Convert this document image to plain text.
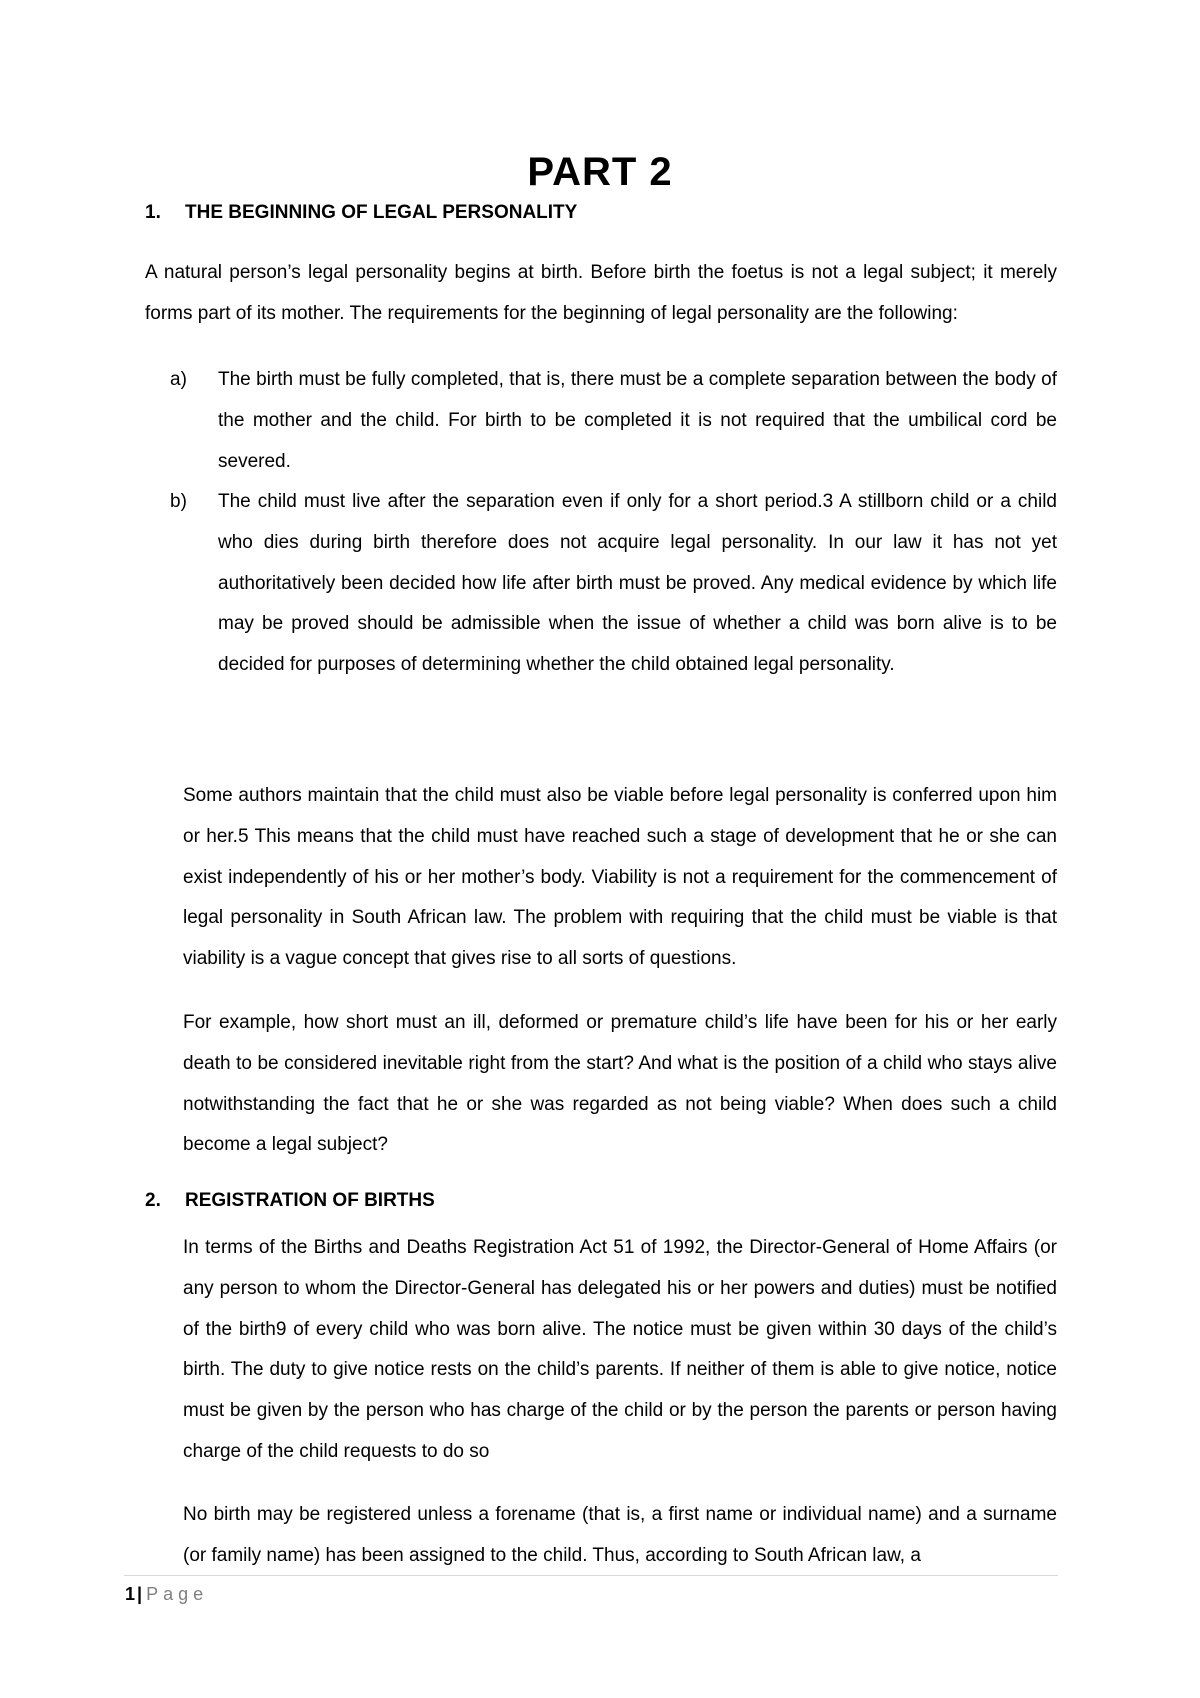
PART 2
1. THE BEGINNING OF LEGAL PERSONALITY

A natural person’s legal personality begins at birth. Before birth the foetus is not a legal subject; it merely forms part of its mother. The requirements for the beginning of legal personality are the following:

a) The birth must be fully completed, that is, there must be a complete separation between the body of the mother and the child. For birth to be completed it is not required that the umbilical cord be severed.

b) The child must live after the separation even if only for a short period.3 A stillborn child or a child who dies during birth therefore does not acquire legal personality. In our law it has not yet authoritatively been decided how life after birth must be proved. Any medical evidence by which life may be proved should be admissible when the issue of whether a child was born alive is to be decided for purposes of determining whether the child obtained legal personality.

Some authors maintain that the child must also be viable before legal personality is conferred upon him or her.5 This means that the child must have reached such a stage of development that he or she can exist independently of his or her mother’s body. Viability is not a requirement for the commencement of legal personality in South African law. The problem with requiring that the child must be viable is that viability is a vague concept that gives rise to all sorts of questions.

For example, how short must an ill, deformed or premature child’s life have been for his or her early death to be considered inevitable right from the start? And what is the position of a child who stays alive notwithstanding the fact that he or she was regarded as not being viable? When does such a child become a legal subject?

2. REGISTRATION OF BIRTHS

In terms of the Births and Deaths Registration Act 51 of 1992, the Director-General of Home Affairs (or any person to whom the Director-General has delegated his or her powers and duties) must be notified of the birth9 of every child who was born alive. The notice must be given within 30 days of the child’s birth. The duty to give notice rests on the child’s parents. If neither of them is able to give notice, notice must be given by the person who has charge of the child or by the person the parents or person having charge of the child requests to do so

No birth may be registered unless a forename (that is, a first name or individual name) and a surname (or family name) has been assigned to the child. Thus, according to South African law, a

1 | Page
